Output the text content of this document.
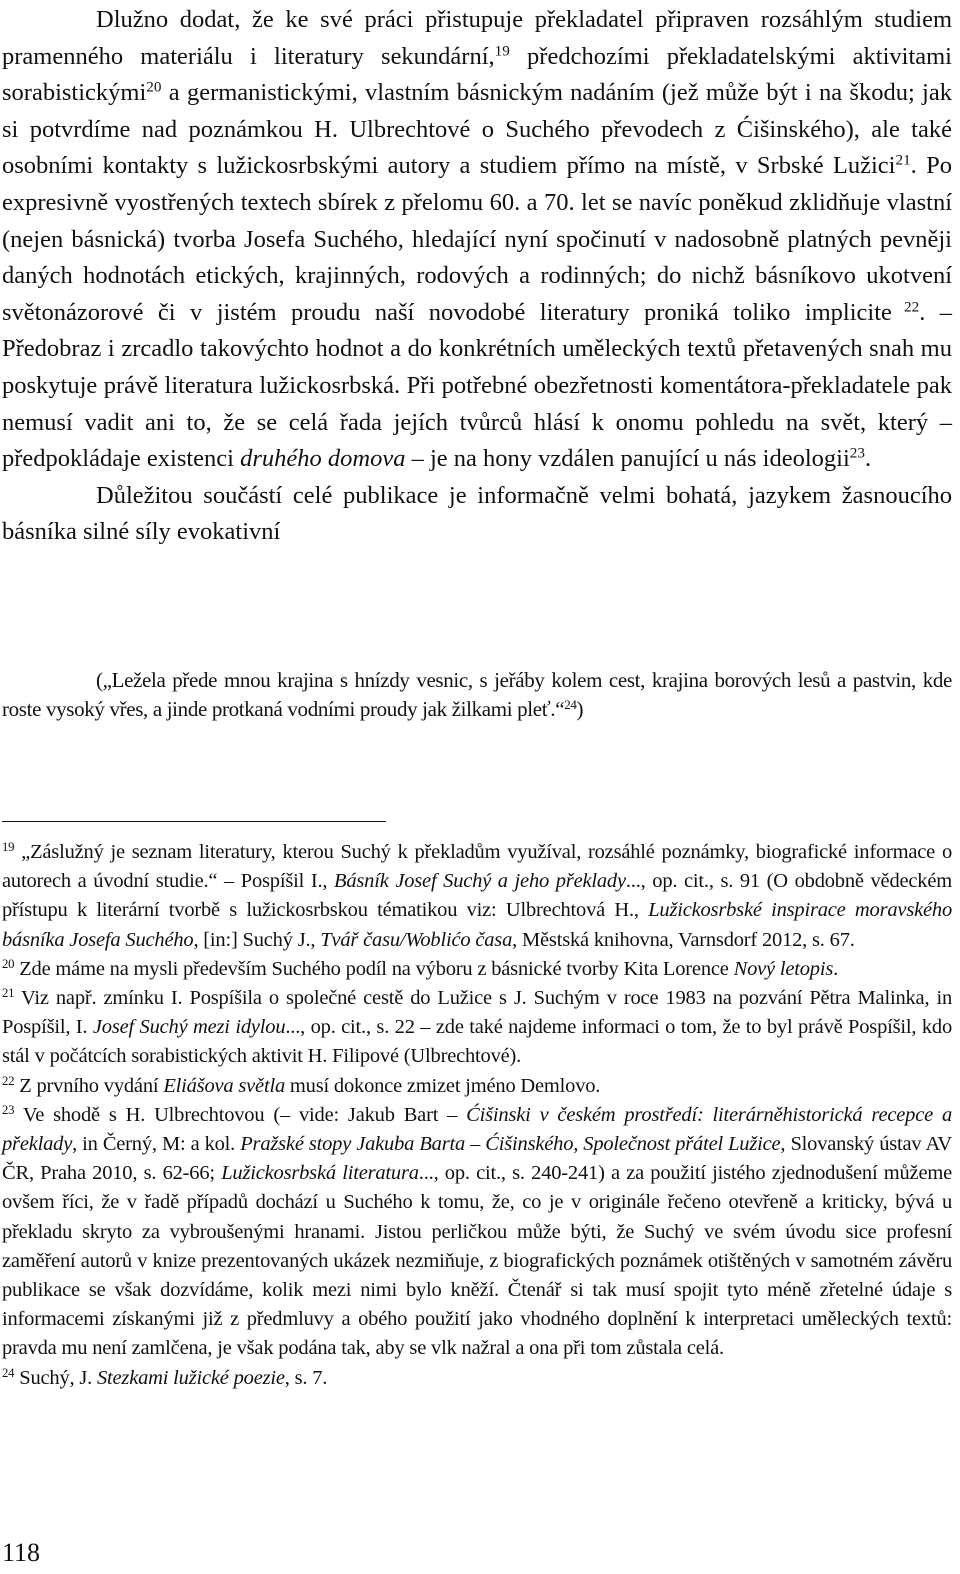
Dlužno dodat, že ke své práci přistupuje překladatel připraven rozsáhlým studiem pramenného materiálu i literatury sekundární,$^{19}$ předchozími překladatelskými aktivitami sorabistickými$^{20}$ a germanistickými, vlastním básnickým nadáním (jež může být i na škodu; jak si potvrdíme nad poznámkou H. Ulbrechtové o Suchého převodech z Ćišinského), ale také osobními kontakty s lužickosrbskými autory a studiem přímo na místě, v Srbské Lužici$^{21}$. Po expresivně vyostřených textech sbírek z přelomu 60. a 70. let se navíc poněkud zklidňuje vlastní (nejen básnická) tvorba Josefa Suchého, hledající nyní spočinutí v nadosobně platných pevněji daných hodnotách etických, krajinných, rodových a rodinných; do nichž básníkovo ukotvení světonázorové či v jistém proudu naší novodobé literatury proniká toliko implicite $^{22}$. – Předobraz i zrcadlo takovýchto hodnot a do konkrétních uměleckých textů přetavených snah mu poskytuje právě literatura lužickosrbská. Při potřebné obezřetnosti komentátora-překladatele pak nemusí vadit ani to, že se celá řada jejích tvůrců hlásí k onomu pohledu na svět, který – předpokládaje existenci druhého domova – je na hony vzdálen panující u nás ideologii$^{23}$.

Důležitou součástí celé publikace je informačně velmi bohatá, jazykem žasnoucího básníka silné síly evokativní

(„Ležela přede mnou krajina s hnízdy vesnic, s jeřáby kolem cest, krajina borových lesů a pastvin, kde roste vysoký vřes, a jinde protkaná vodními proudy jak žilkami pleť.“$^{24}$)

$^{19}$ „Záslužný je seznam literatury, kterou Suchý k překladům využíval, rozsáhlé poznámky, biografické informace o autorech a úvodní studie.“ – Pospíšil I., Básník Josef Suchý a jeho překlady..., op. cit., s. 91 (O obdobně vědeckém přístupu k literární tvorbě s lužickosrbskou tématikou viz: Ulbrechtová H., Lužickosrbské inspirace moravského básníka Josefa Suchého, [in:] Suchý J., Tvář času/Woblićo časa, Městská knihovna, Varnsdorf 2012, s. 67.

$^{20}$ Zde máme na mysli především Suchého podíl na výboru z básnické tvorby Kita Lorence Nový letopis.

$^{21}$ Viz např. zmínku I. Pospíšila o společné cestě do Lužice s J. Suchým v roce 1983 na pozvání Pětra Malinka, in Pospíšil, I. Josef Suchý mezi idylou..., op. cit., s. 22 – zde také najdeme informaci o tom, že to byl právě Pospíšil, kdo stál v počátcích sorabistických aktivit H. Filipové (Ulbrechtové).

$^{22}$ Z prvního vydání Eliášova světla musí dokonce zmizet jméno Demlovo.

$^{23}$ Ve shodě s H. Ulbrechtovou (– vide: Jakub Bart – Ćišinski v českém prostředí: literárněhistorická recepce a překlady, in Černý, M: a kol. Pražské stopy Jakuba Barta – Ćišinského, Společnost přátel Lužice, Slovanský ústav AV ČR, Praha 2010, s. 62-66; Lužickosrbská literatura..., op. cit., s. 240-241) a za použití jistého zjednodušení můžeme ovšem říci, že v řadě případů dochází u Suchého k tomu, že, co je v originále řečeno otevřeně a kriticky, bývá u překladu skryto za vybroušenými hranami. Jistou perličkou může býti, že Suchý ve svém úvodu sice profesní zaměření autorů v knize prezentovaných ukázek nezmiňuje, z biografických poznámek otištěných v samotném závěru publikace se však dozvídáme, kolik mezi nimi bylo kněží. Čtenář si tak musí spojit tyto méně zřetelné údaje s informacemi získanými již z předmluvy a obého použití jako vhodného doplnění k interpretaci uměleckých textů: pravda mu není zamlčena, je však podána tak, aby se vlk nažral a ona při tom zůstala celá.

$^{24}$ Suchý, J. Stezkami lužické poezie, s. 7.

118
